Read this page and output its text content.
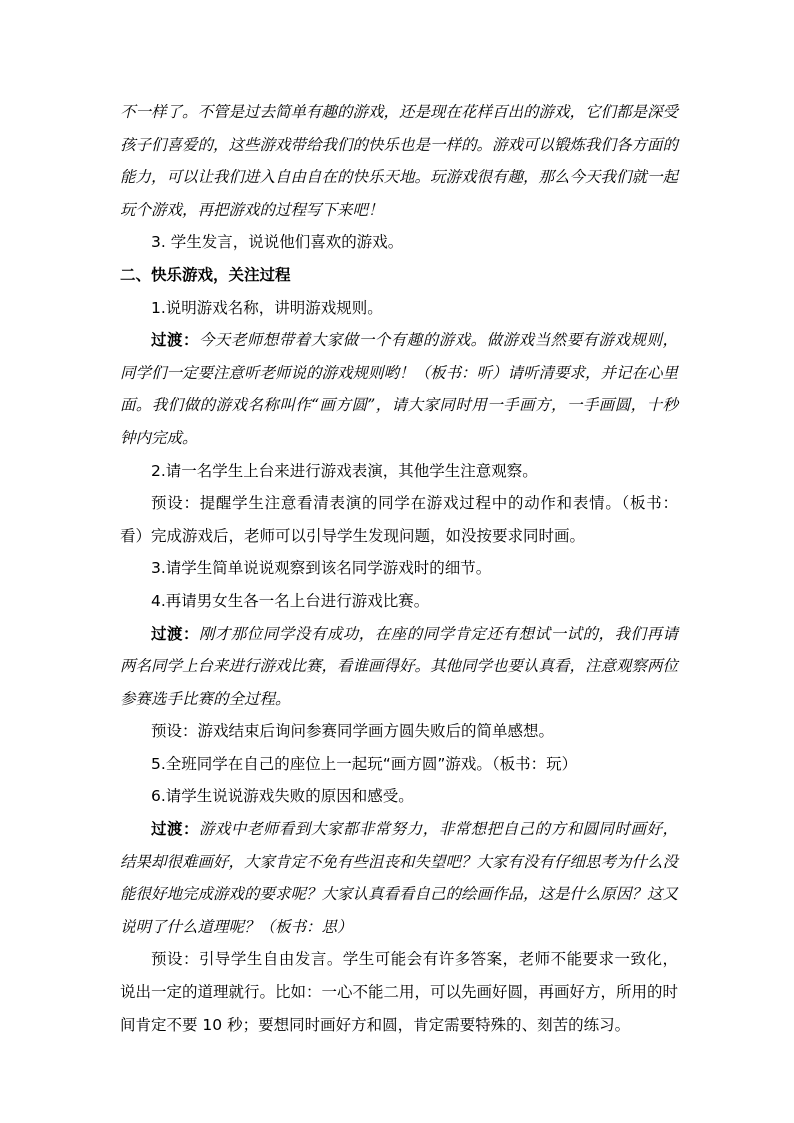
不一样了。不管是过去简单有趣的游戏，还是现在花样百出的游戏，它们都是深受孩子们喜爱的，这些游戏带给我们的快乐也是一样的。游戏可以锻炼我们各方面的能力，可以让我们进入自由自在的快乐天地。玩游戏很有趣，那么今天我们就一起玩个游戏，再把游戏的过程写下来吧！

3. 学生发言，说说他们喜欢的游戏。

二、快乐游戏，关注过程

1.说明游戏名称，讲明游戏规则。

过渡：今天老师想带着大家做一个有趣的游戏。做游戏当然要有游戏规则，同学们一定要注意听老师说的游戏规则哟！（板书：听）请听清要求，并记在心里面。我们做的游戏名称叫作“画方圆”，请大家同时用一手画方，一手画圆，十秒钟内完成。

2.请一名学生上台来进行游戏表演，其他学生注意观察。

预设：提醒学生注意看清表演的同学在游戏过程中的动作和表情。（板书：看）完成游戏后，老师可以引导学生发现问题，如没按要求同时画。

3.请学生简单说说观察到该名同学游戏时的细节。

4.再请男女生各一名上台进行游戏比赛。

过渡：刚才那位同学没有成功，在座的同学肯定还有想试一试的，我们再请两名同学上台来进行游戏比赛，看谁画得好。其他同学也要认真看，注意观察两位参赛选手比赛的全过程。

预设：游戏结束后询问参赛同学画方圆失败后的简单感想。

5.全班同学在自己的座位上一起玩“画方圆”游戏。（板书：玩）

6.请学生说说游戏失败的原因和感受。

过渡：游戏中老师看到大家都非常努力，非常想把自己的方和圆同时画好，结果却很难画好，大家肯定不免有些沮丧和失望吧？大家有没有仔细思考为什么没能很好地完成游戏的要求呢？大家认真看看自己的绘画作品，这是什么原因？这又说明了什么道理呢？（板书：思）

预设：引导学生自由发言。学生可能会有许多答案，老师不能要求一致化，说出一定的道理就行。比如：一心不能二用，可以先画好圆，再画好方，所用的时间肯定不要 10 秒；要想同时画好方和圆，肯定需要特殊的、刻苦的练习。
